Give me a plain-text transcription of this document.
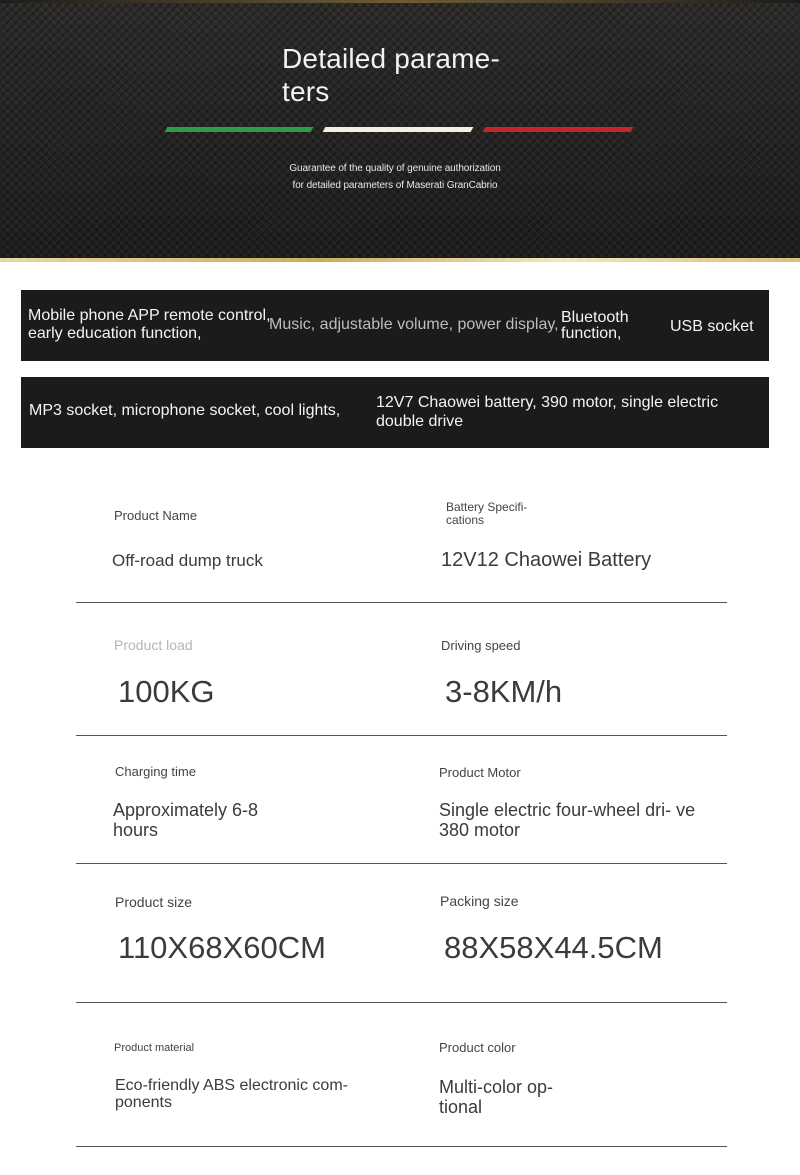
Detailed parame- ters
Guarantee of the quality of genuine authorization
for detailed parameters of Maserati GranCabrio
Mobile phone APP remote control, early education function,
Music, adjustable volume, power display, Bluetooth function,	USB socket
MP3 socket, microphone socket, cool lights,	12V7 Chaowei battery, 390 motor, single electric double drive
Product Name
Off-road dump truck
Battery Specifi- cations
12V12 Chaowei Battery
Product load
100KG
Driving speed
3-8KM/h
Charging time
Approximately 6-8 hours
Product Motor
Single electric four-wheel dri- ve 380 motor
Product size
110X68X60CM
Packing size
88X58X44.5CM
Product material
Eco-friendly ABS electronic com- ponents
Product color
Multi-color op- tional
